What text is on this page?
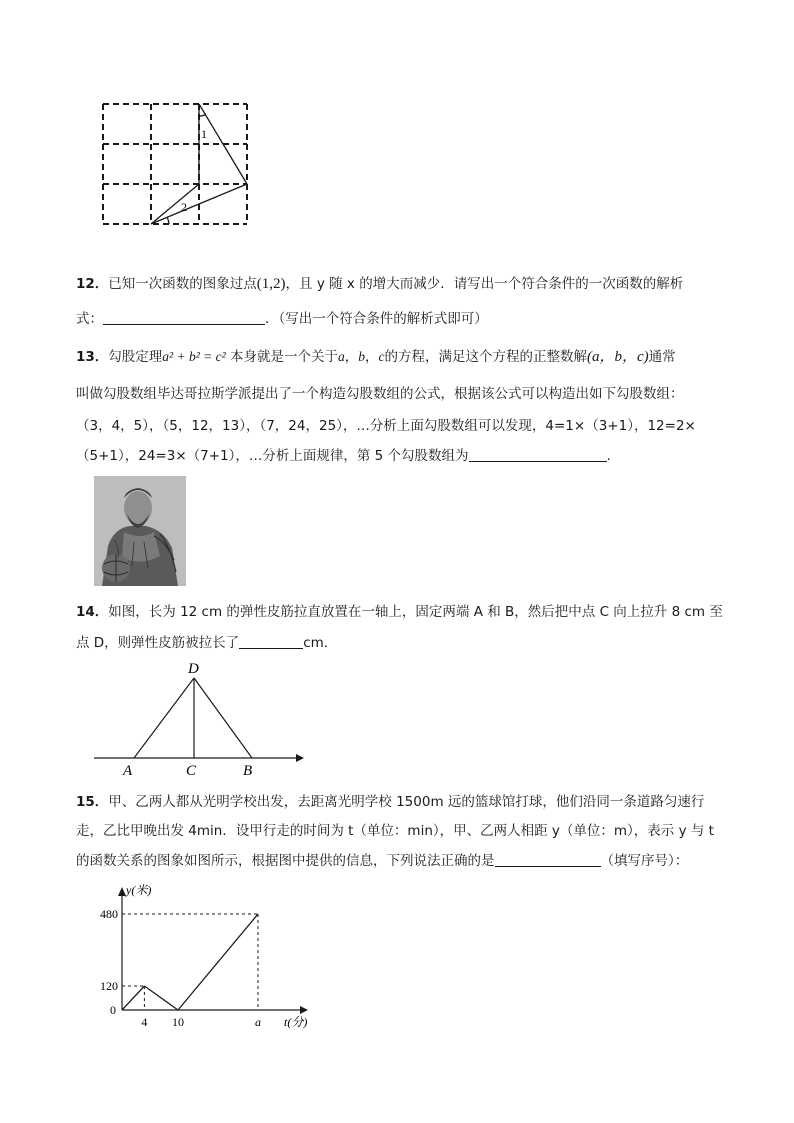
1
2
12．已知一次函数的图象过点(1,2)，且 y 随 x 的增大而减少．请写出一个符合条件的一次函数的解析
式：	．（写出一个符合条件的解析式即可）
13．勾股定理a² + b² = c² 本身就是一个关于a，b，c的方程，满足这个方程的正整数解(a，b，c)通常
叫做勾股数组毕达哥拉斯学派提出了一个构造勾股数组的公式，根据该公式可以构造出如下勾股数组：
（3，4，5），（5，12，13），（7，24，25），…分析上面勾股数组可以发现，4=1×（3+1），12=2×
（5+1），24=3×（7+1），…分析上面规律，第 5 个勾股数组为	.
14．如图，长为 12 cm 的弹性皮筋拉直放置在一轴上，固定两端 A 和 B，然后把中点 C 向上拉升 8 cm 至
点 D，则弹性皮筋被拉长了	cm．
D
A	C	B
15．甲、乙两人都从光明学校出发，去距离光明学校 1500m 远的篮球馆打球，他们沿同一条道路匀速行
走，乙比甲晚出发 4min．设甲行走的时间为 t（单位：min），甲、乙两人相距 y（单位：m），表示 y 与 t
的函数关系的图象如图所示，根据图中提供的信息，下列说法正确的是	（填写序号）：
y(米)
t(分)
0
120
480
4 10	a
